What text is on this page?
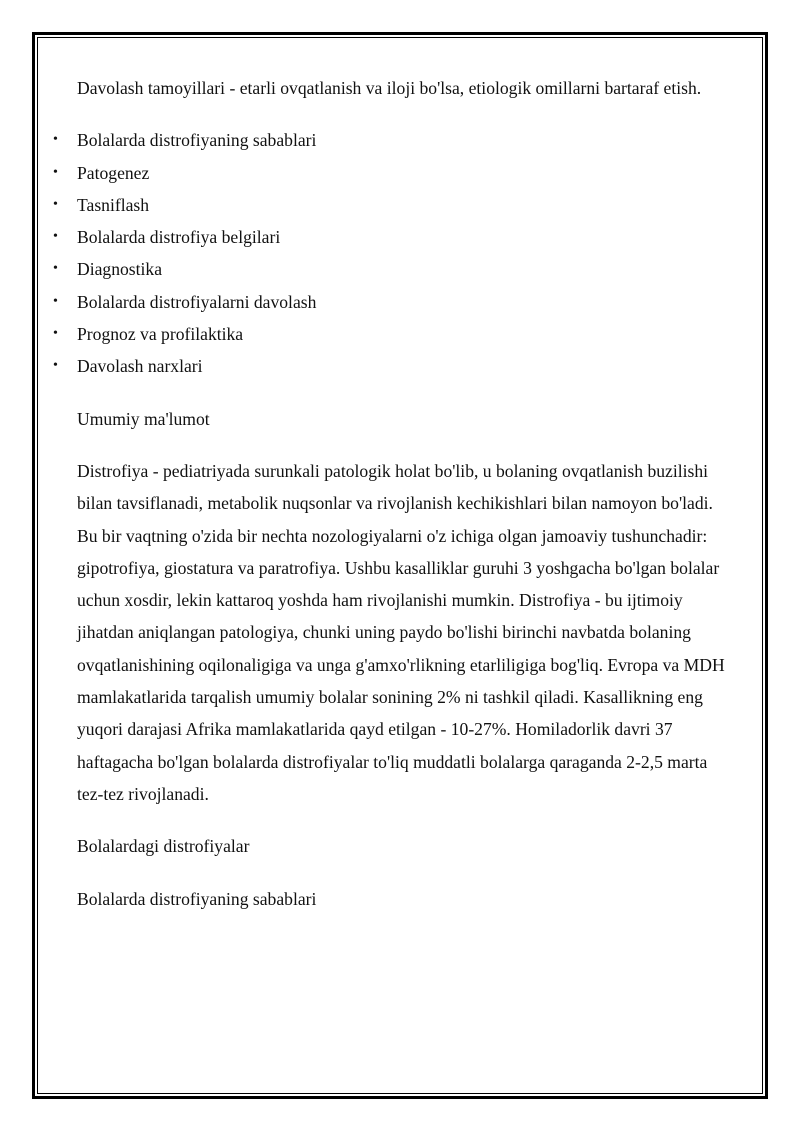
Davolash tamoyillari - etarli ovqatlanish va iloji bo'lsa, etiologik omillarni bartaraf etish.

• Bolalarda distrofiyaning sabablari
• Patogenez
• Tasniflash
• Bolalarda distrofiya belgilari
• Diagnostika
• Bolalarda distrofiyalarni davolash
• Prognoz va profilaktika
• Davolash narxlari

Umumiy ma'lumot

Distrofiya - pediatriyada surunkali patologik holat bo'lib, u bolaning ovqatlanish buzilishi bilan tavsiflanadi, metabolik nuqsonlar va rivojlanish kechikishlari bilan namoyon bo'ladi. Bu bir vaqtning o'zida bir nechta nozologiyalarni o'z ichiga olgan jamoaviy tushunchadir: gipotrofiya, giostatura va paratrofiya. Ushbu kasalliklar guruhi 3 yoshgacha bo'lgan bolalar uchun xosdir, lekin kattaroq yoshda ham rivojlanishi mumkin. Distrofiya - bu ijtimoiy jihatdan aniqlangan patologiya, chunki uning paydo bo'lishi birinchi navbatda bolaning ovqatlanishining oqilonaligiga va unga g'amxo'rlikning etarliligiga bog'liq. Evropa va MDH mamlakatlarida tarqalish umumiy bolalar sonining 2% ni tashkil qiladi. Kasallikning eng yuqori darajasi Afrika mamlakatlarida qayd etilgan - 10-27%. Homiladorlik davri 37 haftagacha bo'lgan bolalarda distrofiyalar to'liq muddatli bolalarga qaraganda 2-2,5 marta tez-tez rivojlanadi.

Bolalardagi distrofiyalar

Bolalarda distrofiyaning sabablari
